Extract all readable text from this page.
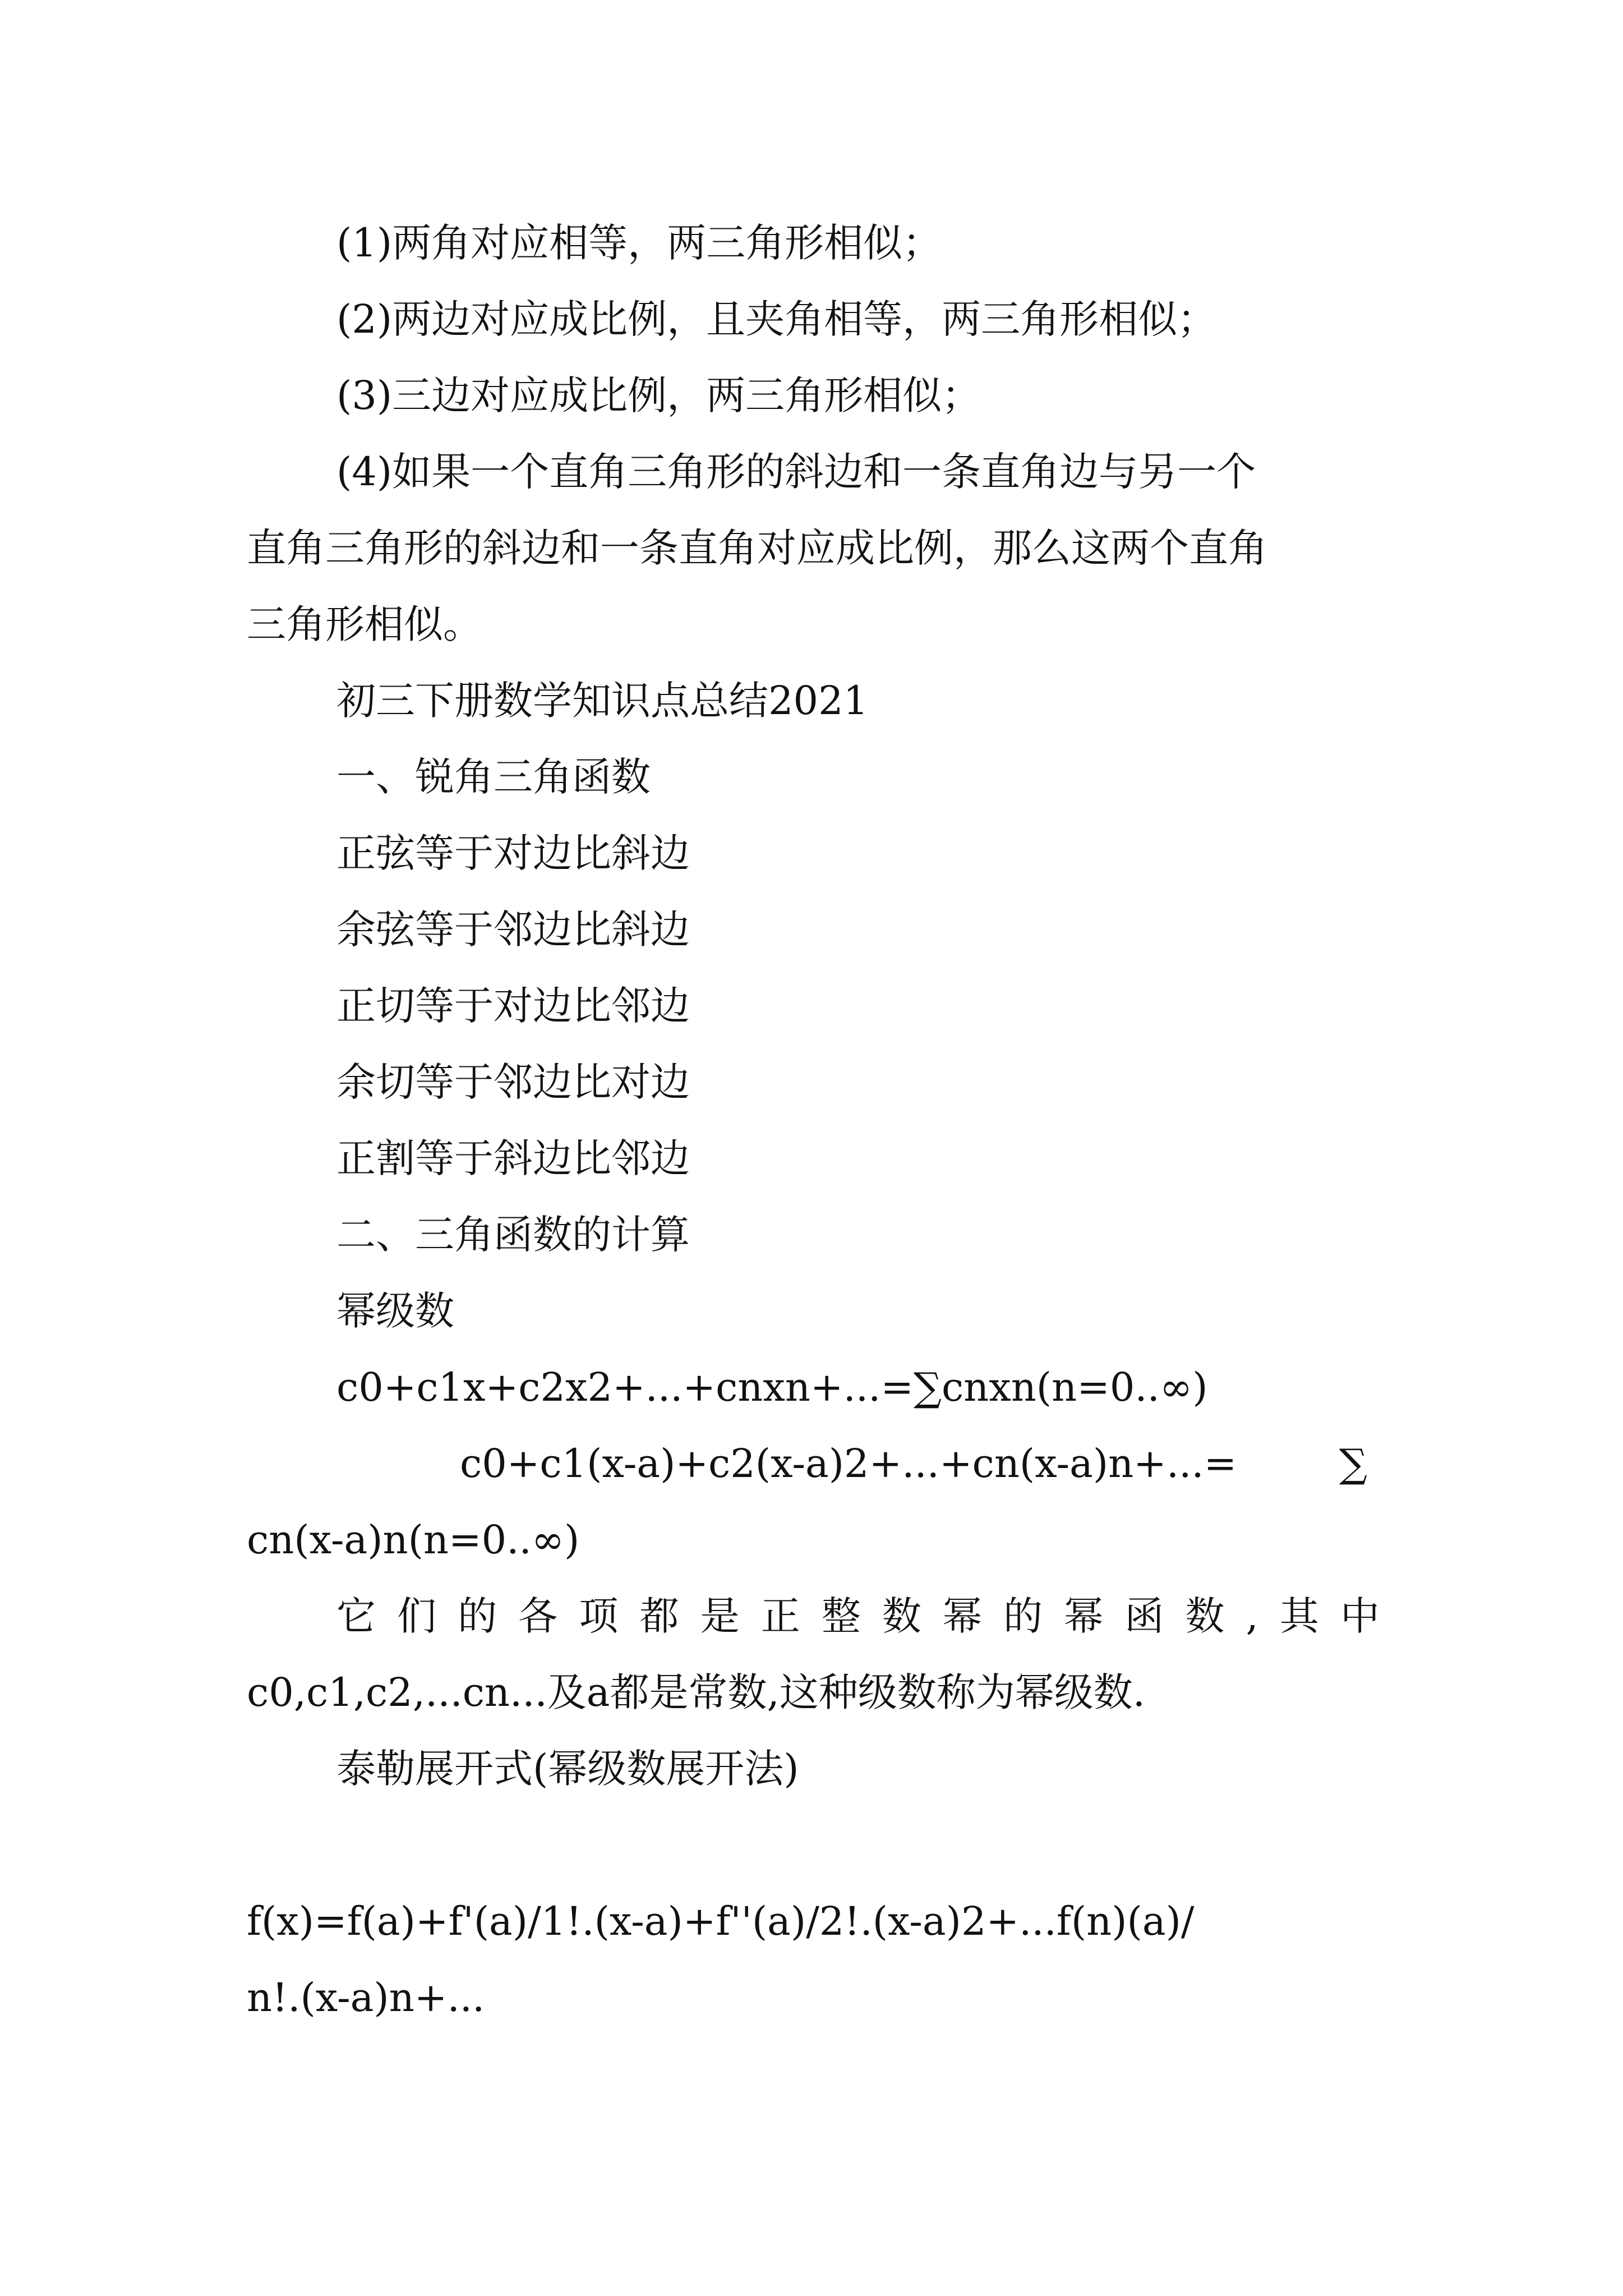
(1)两角对应相等，两三角形相似；
(2)两边对应成比例，且夹角相等，两三角形相似；
(3)三边对应成比例，两三角形相似；
(4)如果一个直角三角形的斜边和一条直角边与另一个
直角三角形的斜边和一条直角对应成比例，那么这两个直角
三角形相似。
初三下册数学知识点总结2021
一、锐角三角函数
正弦等于对边比斜边
余弦等于邻边比斜边
正切等于对边比邻边
余切等于邻边比对边
正割等于斜边比邻边
二、三角函数的计算
幂级数
c0+c1x+c2x2+...+cnxn+...=∑cnxn(n=0..∞)
c0+c1(x-a)+c2(x-a)2+...+cn(x-a)n+...=	∑
cn(x-a)n(n=0..∞)
它们的各项都是正整数幂的幂函数,其中
c0,c1,c2,...cn...及a都是常数,这种级数称为幂级数.
泰勒展开式(幂级数展开法)
f(x)=f(a)+f'(a)/1!.(x-a)+f''(a)/2!.(x-a)2+...f(n)(a)/
n!.(x-a)n+...
